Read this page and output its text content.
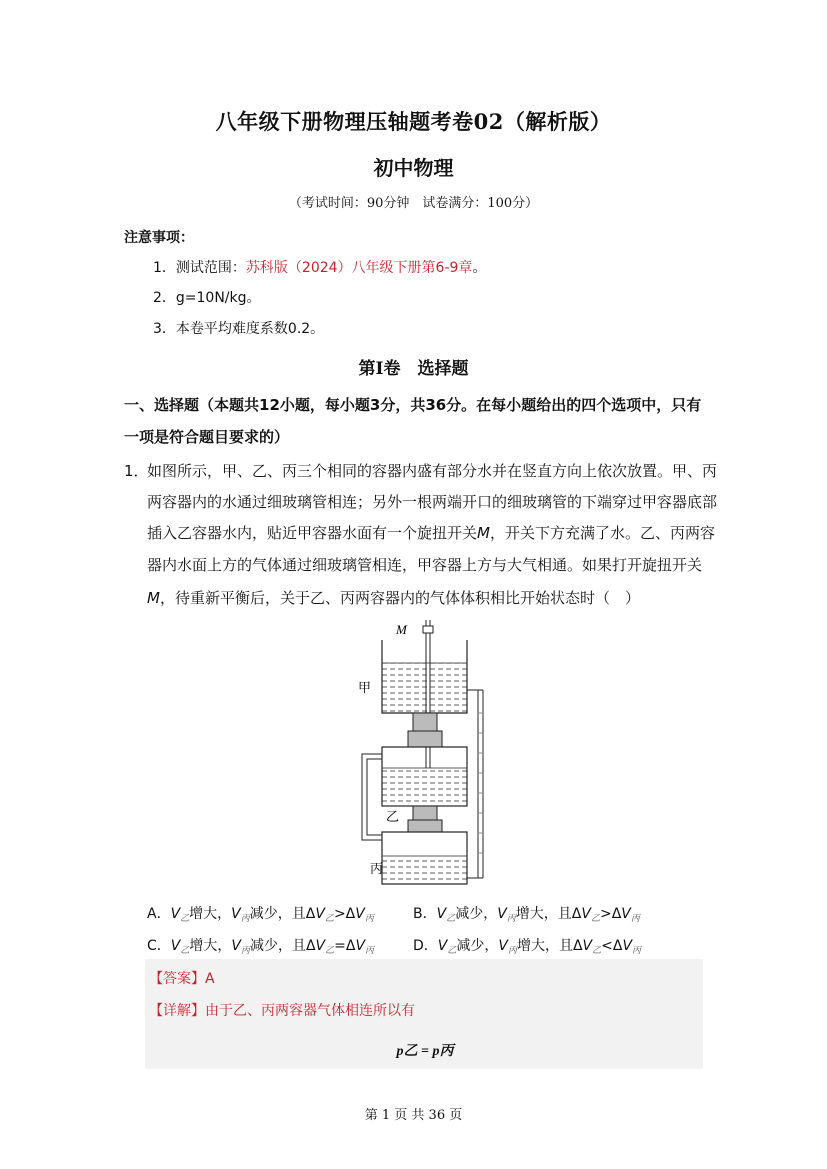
八年级下册物理压轴题考卷02（解析版）
初中物理
（考试时间：90分钟　试卷满分：100分）
注意事项：
1．测试范围：苏科版（2024）八年级下册第6-9章。
2．g=10N/kg。
3．本卷平均难度系数0.2。
第Ⅰ卷　选择题
一、选择题（本题共12小题，每小题3分，共36分。在每小题给出的四个选项中，只有
一项是符合题目要求的）
1．
如图所示，甲、乙、丙三个相同的容器内盛有部分水并在竖直方向上依次放置。甲、丙
两容器内的水通过细玻璃管相连；另外一根两端开口的细玻璃管的下端穿过甲容器底部
插入乙容器水内，贴近甲容器水面有一个旋扭开关M，开关下方充满了水。乙、丙两容
器内水面上方的气体通过细玻璃管相连，甲容器上方与大气相通。如果打开旋扭开关
M，待重新平衡后，关于乙、丙两容器内的气体体积相比开始状态时（　）
M
甲
乙
丙
A．$V_乙$增大，$V_丙$减少，且$\Delta V_乙>\Delta V_丙$	B．$V_乙$减少，$V_丙$增大，且$\Delta V_乙>\Delta V_丙$
C．$V_乙$增大，$V_丙$减少，且$\Delta V_乙=\Delta V_丙$	D．$V_乙$减少，$V_丙$增大，且$\Delta V_乙<\Delta V_丙$
【答案】A
【详解】由于乙、丙两容器气体相连所以有
p乙 = p丙
第 1 页 共 36 页
